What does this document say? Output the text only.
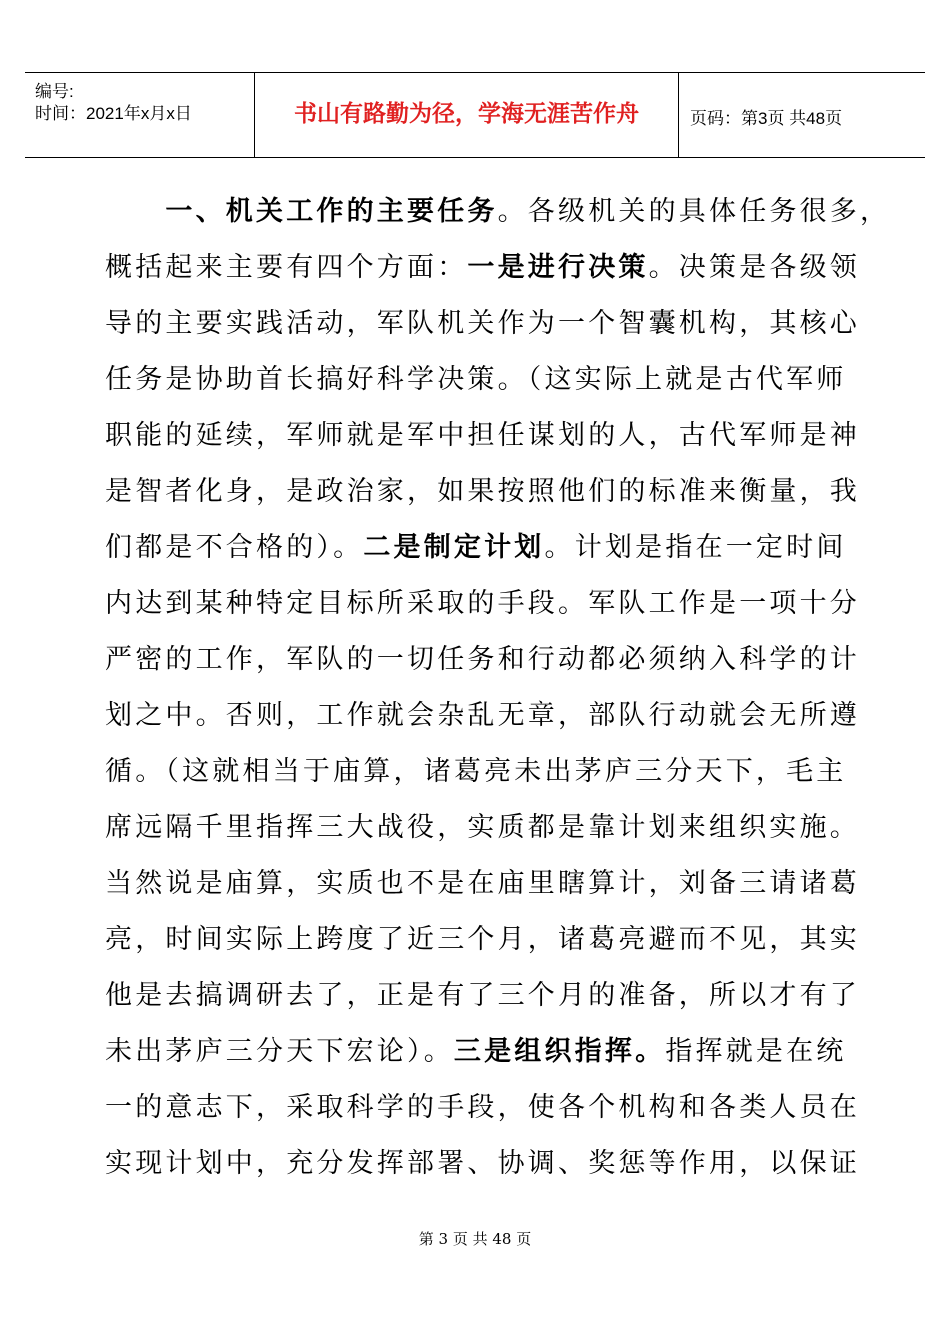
编号:
时间：2021年x月x日	书山有路勤为径，学海无涯苦作舟	页码：第3页 共48页
　　一、机关工作的主要任务。各级机关的具体任务很多，
概括起来主要有四个方面：一是进行决策。决策是各级领
导的主要实践活动，军队机关作为一个智囊机构，其核心
任务是协助首长搞好科学决策。（这实际上就是古代军师
职能的延续，军师就是军中担任谋划的人，古代军师是神
是智者化身，是政治家，如果按照他们的标准来衡量，我
们都是不合格的）。二是制定计划。计划是指在一定时间
内达到某种特定目标所采取的手段。军队工作是一项十分
严密的工作，军队的一切任务和行动都必须纳入科学的计
划之中。否则，工作就会杂乱无章，部队行动就会无所遵
循。（这就相当于庙算，诸葛亮未出茅庐三分天下，毛主
席远隔千里指挥三大战役，实质都是靠计划来组织实施。
当然说是庙算，实质也不是在庙里瞎算计，刘备三请诸葛
亮，时间实际上跨度了近三个月，诸葛亮避而不见，其实
他是去搞调研去了，正是有了三个月的准备，所以才有了
未出茅庐三分天下宏论）。三是组织指挥。指挥就是在统
一的意志下，采取科学的手段，使各个机构和各类人员在
实现计划中，充分发挥部署、协调、奖惩等作用，以保证
第 3 页 共 48 页
